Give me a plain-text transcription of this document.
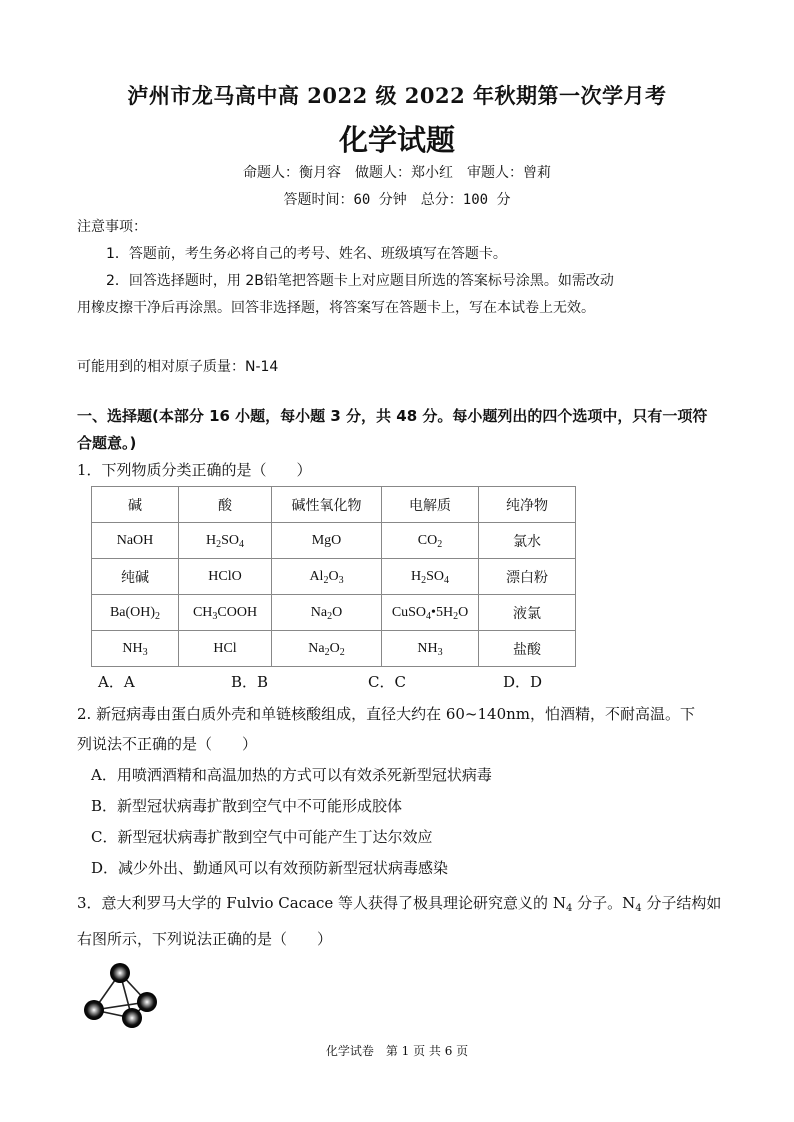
泸州市龙马高中高 2022 级 2022 年秋期第一次学月考
化学试题
命题人：衡月容　做题人：郑小红　审题人：曾莉
答题时间：60 分钟　总分：100 分
注意事项：
1．答题前，考生务必将自己的考号、姓名、班级填写在答题卡。
2．回答选择题时，用 2B铅笔把答题卡上对应题目所选的答案标号涂黑。如需改动
用橡皮擦干净后再涂黑。回答非选择题，将答案写在答题卡上，写在本试卷上无效。
可能用到的相对原子质量：N-14
一、选择题(本部分 16 小题，每小题 3 分，共 48 分。每小题列出的四个选项中，只有一项符
合题意。)
1．下列物质分类正确的是（　　）
碱	酸	碱性氧化物	电解质	纯净物
NaOH	$H_2SO_4$	MgO	$CO_2$	氯水
纯碱	HClO	$Al_2O_3$	$H_2SO_4$	漂白粉
$Ba(OH)_2$	$CH_3COOH$	$Na_2O$	$CuSO_4•5H_2O$	液氯
$NH_3$	HCl	$Na_2O_2$	$NH_3$	盐酸
A．A	B．B	C．C	D．D
2. 新冠病毒由蛋白质外壳和单链核酸组成，直径大约在 60~140nm，怕酒精，不耐高温。下
列说法不正确的是（　　）
A．用喷洒酒精和高温加热的方式可以有效杀死新型冠状病毒
B．新型冠状病毒扩散到空气中不可能形成胶体
C．新型冠状病毒扩散到空气中可能产生丁达尔效应
D．减少外出、勤通风可以有效预防新型冠状病毒感染
3．意大利罗马大学的 Fulvio Cacace 等人获得了极具理论研究意义的 $N_4$ 分子。$N_4$ 分子结构如
右图所示，下列说法正确的是（　　）
化学试卷　第 1 页 共 6 页
